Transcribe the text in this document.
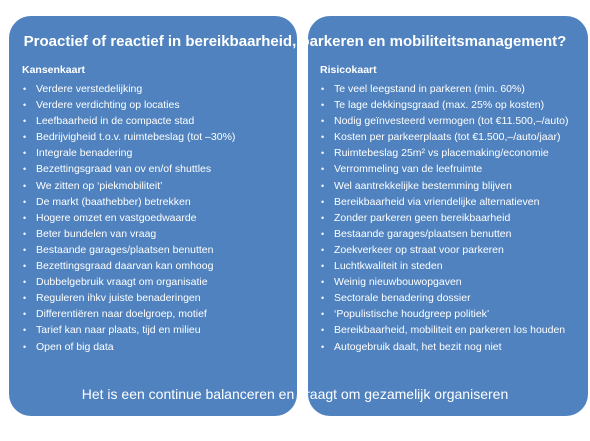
Proactief of reactief in bereikbaarheid, parkeren en mobiliteitsmanagement?
Kansenkaart	Risicokaart
• Verdere verstedelijking
• Verdere verdichting op locaties
• Leefbaarheid in de compacte stad
• Bedrijvigheid t.o.v. ruimtebeslag (tot –30%)
• Integrale benadering
• Bezettingsgraad van ov en/of shuttles
• We zitten op ‘piekmobiliteit’
• De markt (baathebber) betrekken
• Hogere omzet en vastgoedwaarde
• Beter bundelen van vraag
• Bestaande garages/plaatsen benutten
• Bezettingsgraad daarvan kan omhoog
• Dubbelgebruik vraagt om organisatie
• Reguleren ihkv juiste benaderingen
• Differentiëren naar doelgroep, motief
• Tarief kan naar plaats, tijd en milieu
• Open of big data
• Te veel leegstand in parkeren (min. 60%)
• Te lage dekkingsgraad (max. 25% op kosten)
• Nodig geïnvesteerd vermogen (tot €11.500,–/auto)
• Kosten per parkeerplaats (tot €1.500,–/auto/jaar)
• Ruimtebeslag 25m² vs placemaking/economie
• Verrommeling van de leefruimte
• Wel aantrekkelijke bestemming blijven
• Bereikbaarheid via vriendelijke alternatieven
• Zonder parkeren geen bereikbaarheid
• Bestaande garages/plaatsen benutten
• Zoekverkeer op straat voor parkeren
• Luchtkwaliteit in steden
• Weinig nieuwbouwopgaven
• Sectorale benadering dossier
• ‘Populistische houdgreep politiek’
• Bereikbaarheid, mobiliteit en parkeren los houden
• Autogebruik daalt, het bezit nog niet
Het is een continue balanceren en vraagt om gezamelijk organiseren
